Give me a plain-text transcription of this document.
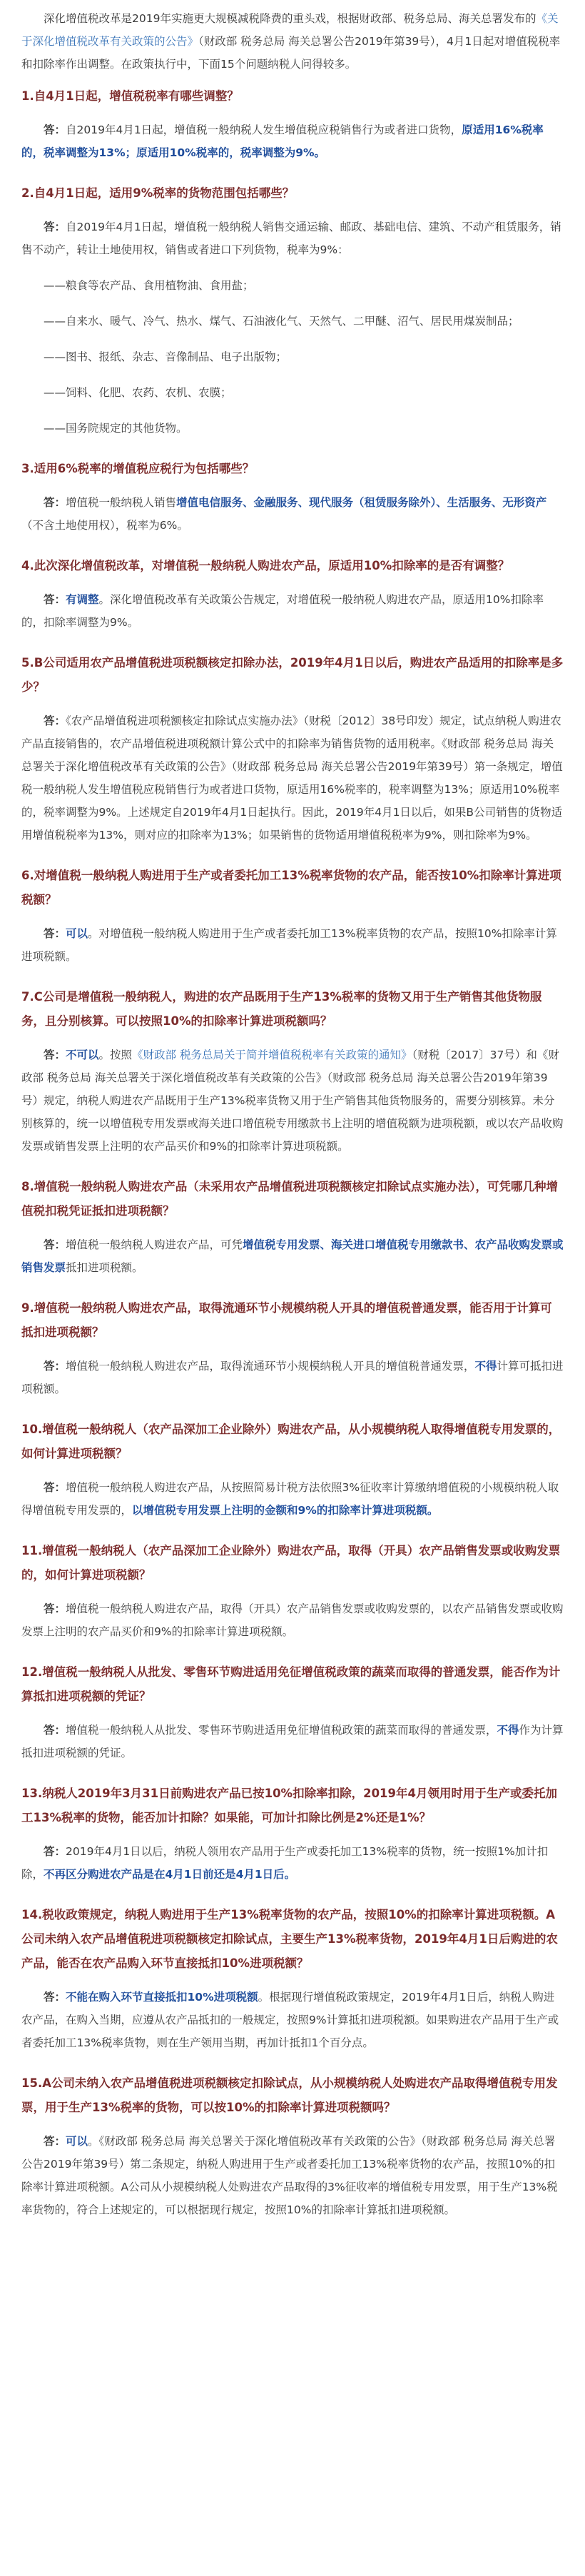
深化增值税改革是2019年实施更大规模减税降费的重头戏，根据财政部、税务总局、海关总署发布的《关于深化增值税改革有关政策的公告》（财政部 税务总局 海关总署公告2019年第39号），4月1日起对增值税税率和扣除率作出调整。在政策执行中，下面15个问题纳税人问得较多。

1.自4月1日起，增值税税率有哪些调整？

答：自2019年4月1日起，增值税一般纳税人发生增值税应税销售行为或者进口货物，原适用16%税率的，税率调整为13%；原适用10%税率的，税率调整为9%。

2.自4月1日起，适用9%税率的货物范围包括哪些？

答：自2019年4月1日起，增值税一般纳税人销售交通运输、邮政、基础电信、建筑、不动产租赁服务，销售不动产，转让土地使用权，销售或者进口下列货物，税率为9%：

——粮食等农产品、食用植物油、食用盐；

——自来水、暖气、冷气、热水、煤气、石油液化气、天然气、二甲醚、沼气、居民用煤炭制品；

——图书、报纸、杂志、音像制品、电子出版物；

——饲料、化肥、农药、农机、农膜；

——国务院规定的其他货物。

3.适用6%税率的增值税应税行为包括哪些？

答：增值税一般纳税人销售增值电信服务、金融服务、现代服务（租赁服务除外）、生活服务、无形资产（不含土地使用权），税率为6%。

4.此次深化增值税改革，对增值税一般纳税人购进农产品，原适用10%扣除率的是否有调整？

答：有调整。深化增值税改革有关政策公告规定，对增值税一般纳税人购进农产品，原适用10%扣除率的，扣除率调整为9%。

5.B公司适用农产品增值税进项税额核定扣除办法，2019年4月1日以后，购进农产品适用的扣除率是多少？

答：《农产品增值税进项税额核定扣除试点实施办法》（财税〔2012〕38号印发）规定，试点纳税人购进农产品直接销售的，农产品增值税进项税额计算公式中的扣除率为销售货物的适用税率。《财政部 税务总局 海关总署关于深化增值税改革有关政策的公告》（财政部 税务总局 海关总署公告2019年第39号）第一条规定，增值税一般纳税人发生增值税应税销售行为或者进口货物，原适用16%税率的，税率调整为13%；原适用10%税率的，税率调整为9%。上述规定自2019年4月1日起执行。因此，2019年4月1日以后，如果B公司销售的货物适用增值税税率为13%，则对应的扣除率为13%；如果销售的货物适用增值税税率为9%，则扣除率为9%。

6.对增值税一般纳税人购进用于生产或者委托加工13%税率货物的农产品，能否按10%扣除率计算进项税额？

答：可以。对增值税一般纳税人购进用于生产或者委托加工13%税率货物的农产品，按照10%扣除率计算进项税额。

7.C公司是增值税一般纳税人，购进的农产品既用于生产13%税率的货物又用于生产销售其他货物服务，且分别核算。可以按照10%的扣除率计算进项税额吗？

答：不可以。按照《财政部 税务总局关于简并增值税税率有关政策的通知》（财税〔2017〕37号）和《财政部 税务总局 海关总署关于深化增值税改革有关政策的公告》（财政部 税务总局 海关总署公告2019年第39号）规定，纳税人购进农产品既用于生产13%税率货物又用于生产销售其他货物服务的，需要分别核算。未分别核算的，统一以增值税专用发票或海关进口增值税专用缴款书上注明的增值税额为进项税额，或以农产品收购发票或销售发票上注明的农产品买价和9%的扣除率计算进项税额。

8.增值税一般纳税人购进农产品（未采用农产品增值税进项税额核定扣除试点实施办法），可凭哪几种增值税扣税凭证抵扣进项税额？

答：增值税一般纳税人购进农产品，可凭增值税专用发票、海关进口增值税专用缴款书、农产品收购发票或销售发票抵扣进项税额。

9.增值税一般纳税人购进农产品，取得流通环节小规模纳税人开具的增值税普通发票，能否用于计算可抵扣进项税额？

答：增值税一般纳税人购进农产品，取得流通环节小规模纳税人开具的增值税普通发票，不得计算可抵扣进项税额。

10.增值税一般纳税人（农产品深加工企业除外）购进农产品，从小规模纳税人取得增值税专用发票的，如何计算进项税额？

答：增值税一般纳税人购进农产品，从按照简易计税方法依照3%征收率计算缴纳增值税的小规模纳税人取得增值税专用发票的，以增值税专用发票上注明的金额和9%的扣除率计算进项税额。

11.增值税一般纳税人（农产品深加工企业除外）购进农产品，取得（开具）农产品销售发票或收购发票的，如何计算进项税额？

答：增值税一般纳税人购进农产品，取得（开具）农产品销售发票或收购发票的，以农产品销售发票或收购发票上注明的农产品买价和9%的扣除率计算进项税额。

12.增值税一般纳税人从批发、零售环节购进适用免征增值税政策的蔬菜而取得的普通发票，能否作为计算抵扣进项税额的凭证？

答：增值税一般纳税人从批发、零售环节购进适用免征增值税政策的蔬菜而取得的普通发票，不得作为计算抵扣进项税额的凭证。

13.纳税人2019年3月31日前购进农产品已按10%扣除率扣除，2019年4月领用时用于生产或委托加工13%税率的货物，能否加计扣除？如果能，可加计扣除比例是2%还是1%？

答：2019年4月1日以后，纳税人领用农产品用于生产或委托加工13%税率的货物，统一按照1%加计扣除，不再区分购进农产品是在4月1日前还是4月1日后。

14.税收政策规定，纳税人购进用于生产13%税率货物的农产品，按照10%的扣除率计算进项税额。A公司未纳入农产品增值税进项税额核定扣除试点，主要生产13%税率货物，2019年4月1日后购进的农产品，能否在农产品购入环节直接抵扣10%进项税额？

答：不能在购入环节直接抵扣10%进项税额。根据现行增值税政策规定，2019年4月1日后，纳税人购进农产品，在购入当期，应遵从农产品抵扣的一般规定，按照9%计算抵扣进项税额。如果购进农产品用于生产或者委托加工13%税率货物，则在生产领用当期，再加计抵扣1个百分点。

15.A公司未纳入农产品增值税进项税额核定扣除试点，从小规模纳税人处购进农产品取得增值税专用发票，用于生产13%税率的货物，可以按10%的扣除率计算进项税额吗？

答：可以。《财政部 税务总局 海关总署关于深化增值税改革有关政策的公告》（财政部 税务总局 海关总署公告2019年第39号）第二条规定，纳税人购进用于生产或者委托加工13%税率货物的农产品，按照10%的扣除率计算进项税额。A公司从小规模纳税人处购进农产品取得的3%征收率的增值税专用发票，用于生产13%税率货物的，符合上述规定的，可以根据现行规定，按照10%的扣除率计算抵扣进项税额。
